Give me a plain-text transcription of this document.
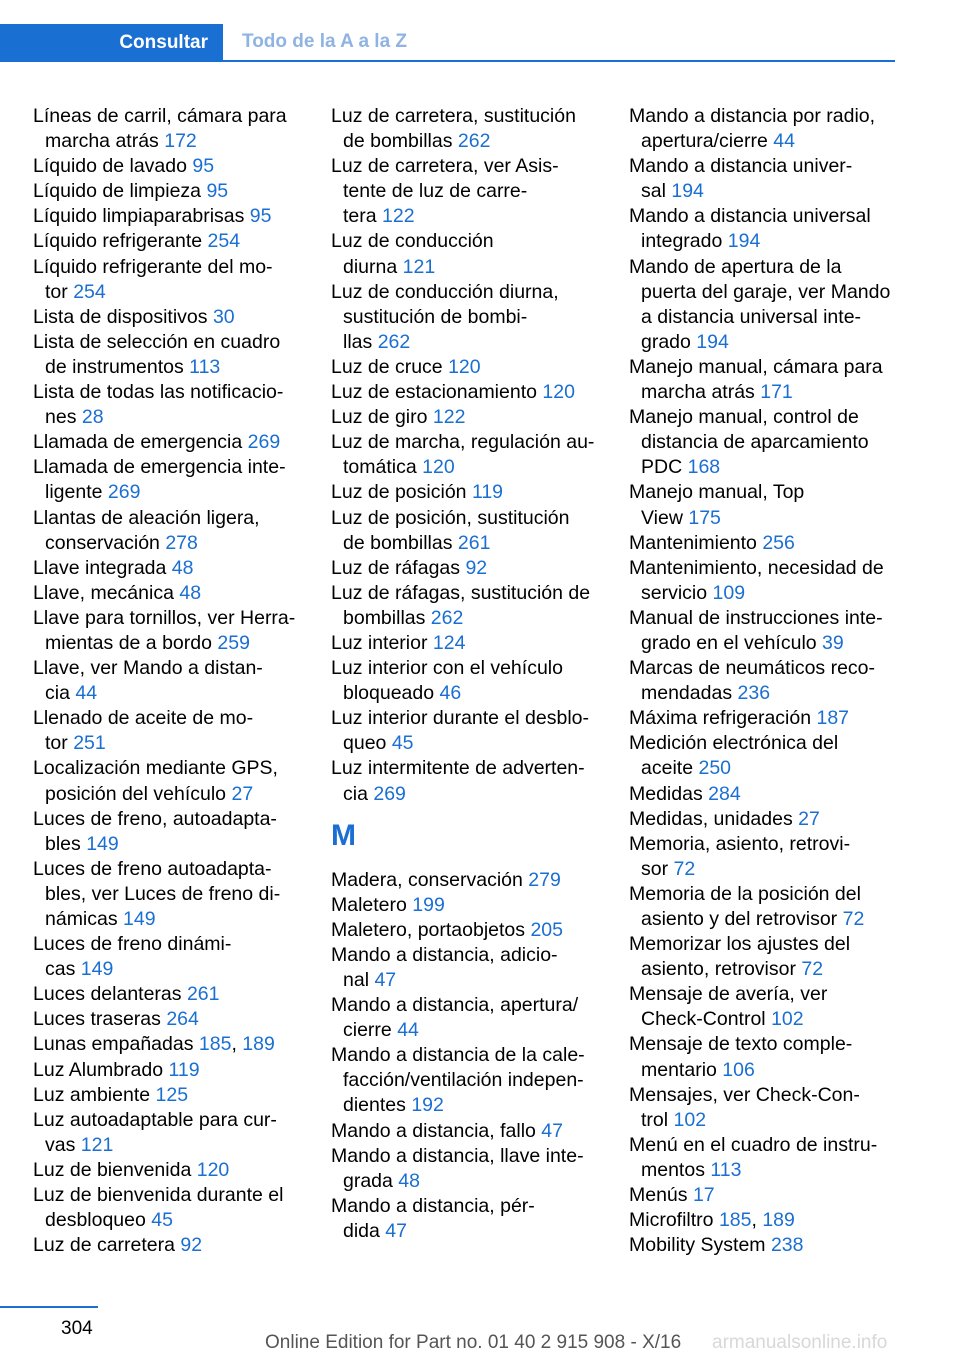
Consultar Todo de la A a la Z
Líneas de carril, cámara para
marcha atrás 172
Líquido de lavado 95
Líquido de limpieza 95
Líquido limpiaparabrisas 95
Líquido refrigerante 254
Líquido refrigerante del mo‐
tor 254
Lista de dispositivos 30
Lista de selección en cuadro
de instrumentos 113
Lista de todas las notificacio‐
nes 28
Llamada de emergencia 269
Llamada de emergencia inte‐
ligente 269
Llantas de aleación ligera,
conservación 278
Llave integrada 48
Llave, mecánica 48
Llave para tornillos, ver Herra‐
mientas de a bordo 259
Llave, ver Mando a distan‐
cia 44
Llenado de aceite de mo‐
tor 251
Localización mediante GPS,
posición del vehículo 27
Luces de freno, autoadapta‐
bles 149
Luces de freno autoadapta‐
bles, ver Luces de freno di‐
námicas 149
Luces de freno dinámi‐
cas 149
Luces delanteras 261
Luces traseras 264
Lunas empañadas 185, 189
Luz Alumbrado 119
Luz ambiente 125
Luz autoadaptable para cur‐
vas 121
Luz de bienvenida 120
Luz de bienvenida durante el
desbloqueo 45
Luz de carretera 92
Luz de carretera, sustitución
de bombillas 262
Luz de carretera, ver Asis‐
tente de luz de carre‐
tera 122
Luz de conducción
diurna 121
Luz de conducción diurna,
sustitución de bombi‐
llas 262
Luz de cruce 120
Luz de estacionamiento 120
Luz de giro 122
Luz de marcha, regulación au‐
tomática 120
Luz de posición 119
Luz de posición, sustitución
de bombillas 261
Luz de ráfagas 92
Luz de ráfagas, sustitución de
bombillas 262
Luz interior 124
Luz interior con el vehículo
bloqueado 46
Luz interior durante el desblo‐
queo 45
Luz intermitente de adverten‐
cia 269
M
Madera, conservación 279
Maletero 199
Maletero, portaobjetos 205
Mando a distancia, adicio‐
nal 47
Mando a distancia, apertura/
cierre 44
Mando a distancia de la cale‐
facción/ventilación indepen‐
dientes 192
Mando a distancia, fallo 47
Mando a distancia, llave inte‐
grada 48
Mando a distancia, pér‐
dida 47
Mando a distancia por radio,
apertura/cierre 44
Mando a distancia univer‐
sal 194
Mando a distancia universal
integrado 194
Mando de apertura de la
puerta del garaje, ver Mando
a distancia universal inte‐
grado 194
Manejo manual, cámara para
marcha atrás 171
Manejo manual, control de
distancia de aparcamiento
PDC 168
Manejo manual, Top
View 175
Mantenimiento 256
Mantenimiento, necesidad de
servicio 109
Manual de instrucciones inte‐
grado en el vehículo 39
Marcas de neumáticos reco‐
mendadas 236
Máxima refrigeración 187
Medición electrónica del
aceite 250
Medidas 284
Medidas, unidades 27
Memoria, asiento, retrovi‐
sor 72
Memoria de la posición del
asiento y del retrovisor 72
Memorizar los ajustes del
asiento, retrovisor 72
Mensaje de avería, ver
Check-Control 102
Mensaje de texto comple‐
mentario 106
Mensajes, ver Check-Con‐
trol 102
Menú en el cuadro de instru‐
mentos 113
Menús 17
Microfiltro 185, 189
Mobility System 238
304
Online Edition for Part no. 01 40 2 915 908 - X/16 armanualsonline.info
